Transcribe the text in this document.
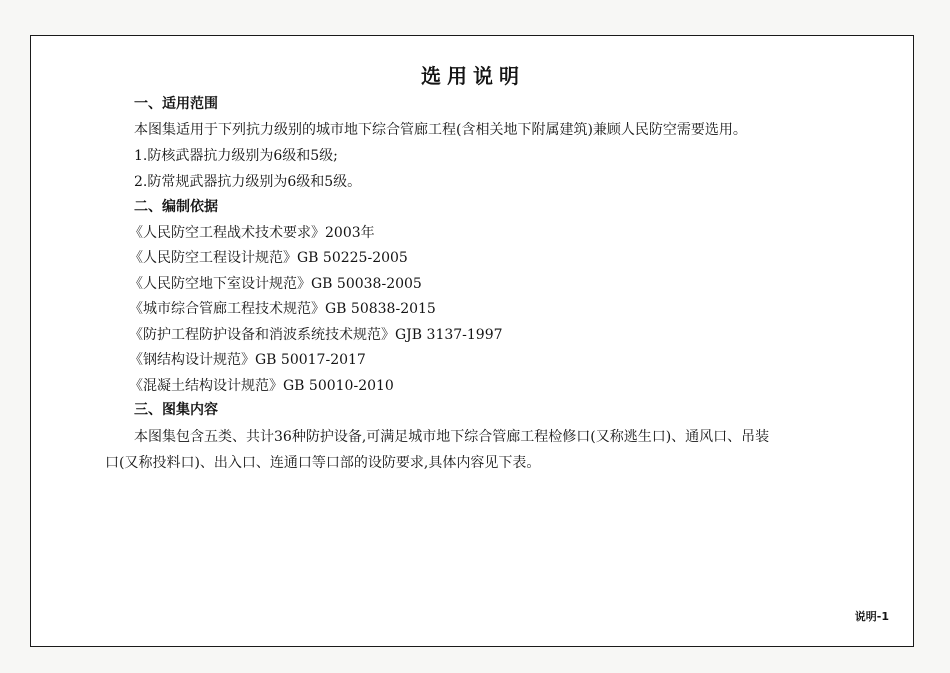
选用说明
一、适用范围
本图集适用于下列抗力级别的城市地下综合管廊工程(含相关地下附属建筑)兼顾人民防空需要选用。
1.防核武器抗力级别为6级和5级;
2.防常规武器抗力级别为6级和5级。
二、编制依据
《人民防空工程战术技术要求》2003年
《人民防空工程设计规范》GB 50225-2005
《人民防空地下室设计规范》GB 50038-2005
《城市综合管廊工程技术规范》GB 50838-2015
《防护工程防护设备和消波系统技术规范》GJB 3137-1997
《钢结构设计规范》GB 50017-2017
《混凝土结构设计规范》GB 50010-2010
三、图集内容
本图集包含五类、共计36种防护设备,可满足城市地下综合管廊工程检修口(又称逃生口)、通风口、吊装
口(又称投料口)、出入口、连通口等口部的设防要求,具体内容见下表。
说明-1
